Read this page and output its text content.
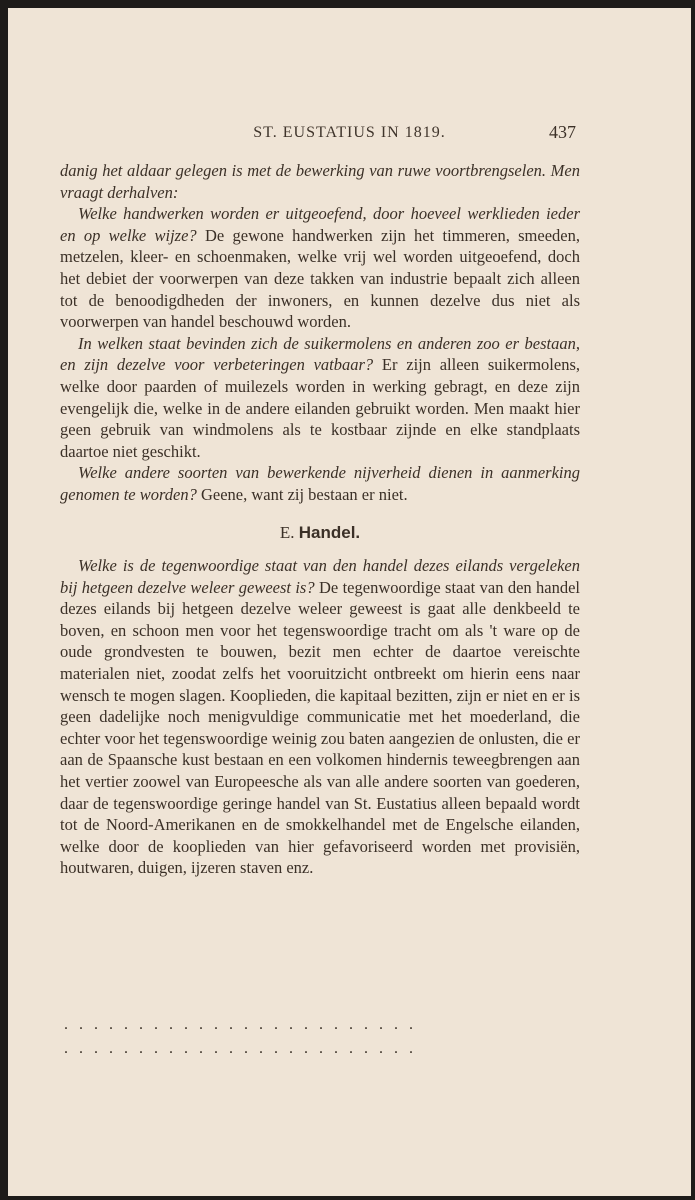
ST. EUSTATIUS IN 1819.	437

danig het aldaar gelegen is met de bewerking van ruwe voortbrengselen. Men vraagt derhalven:

Welke handwerken worden er uitgeoefend, door hoeveel werklieden ieder en op welke wijze? De gewone handwerken zijn het timmeren, smeeden, metzelen, kleer- en schoenmaken, welke vrij wel worden uitgeoefend, doch het debiet der voorwerpen van deze takken van industrie bepaalt zich alleen tot de benoodigdheden der inwoners, en kunnen dezelve dus niet als voorwerpen van handel beschouwd worden.

In welken staat bevinden zich de suikermolens en anderen zoo er bestaan, en zijn dezelve voor verbeteringen vatbaar? Er zijn alleen suikermolens, welke door paarden of muilezels worden in werking gebragt, en deze zijn evengelijk die, welke in de andere eilanden gebruikt worden. Men maakt hier geen gebruik van windmolens als te kostbaar zijnde en elke standplaats daartoe niet geschikt.

Welke andere soorten van bewerkende nijverheid dienen in aanmerking genomen te worden? Geene, want zij bestaan er niet.

E. Handel.

Welke is de tegenwoordige staat van den handel dezes eilands vergeleken bij hetgeen dezelve weleer geweest is? De tegenwoordige staat van den handel dezes eilands bij hetgeen dezelve weleer geweest is gaat alle denkbeeld te boven, en schoon men voor het tegenswoordige tracht om als 't ware op de oude grondvesten te bouwen, bezit men echter de daartoe vereischte materialen niet, zoodat zelfs het vooruitzicht ontbreekt om hierin eens naar wensch te mogen slagen. Kooplieden, die kapitaal bezitten, zijn er niet en er is geen dadelijke noch menigvuldige communicatie met het moederland, die echter voor het tegenswoordige weinig zou baten aangezien de onlusten, die er aan de Spaansche kust bestaan en een volkomen hindernis teweegbrengen aan het vertier zoowel van Europeesche als van alle andere soorten van goederen, daar de tegenswoordige geringe handel van St. Eustatius alleen bepaald wordt tot de Noord-Amerikanen en de smokkelhandel met de Engelsche eilanden, welke door de kooplieden van hier gefavoriseerd worden met provisiën, houtwaren, duigen, ijzeren staven enz.

........................
........................
